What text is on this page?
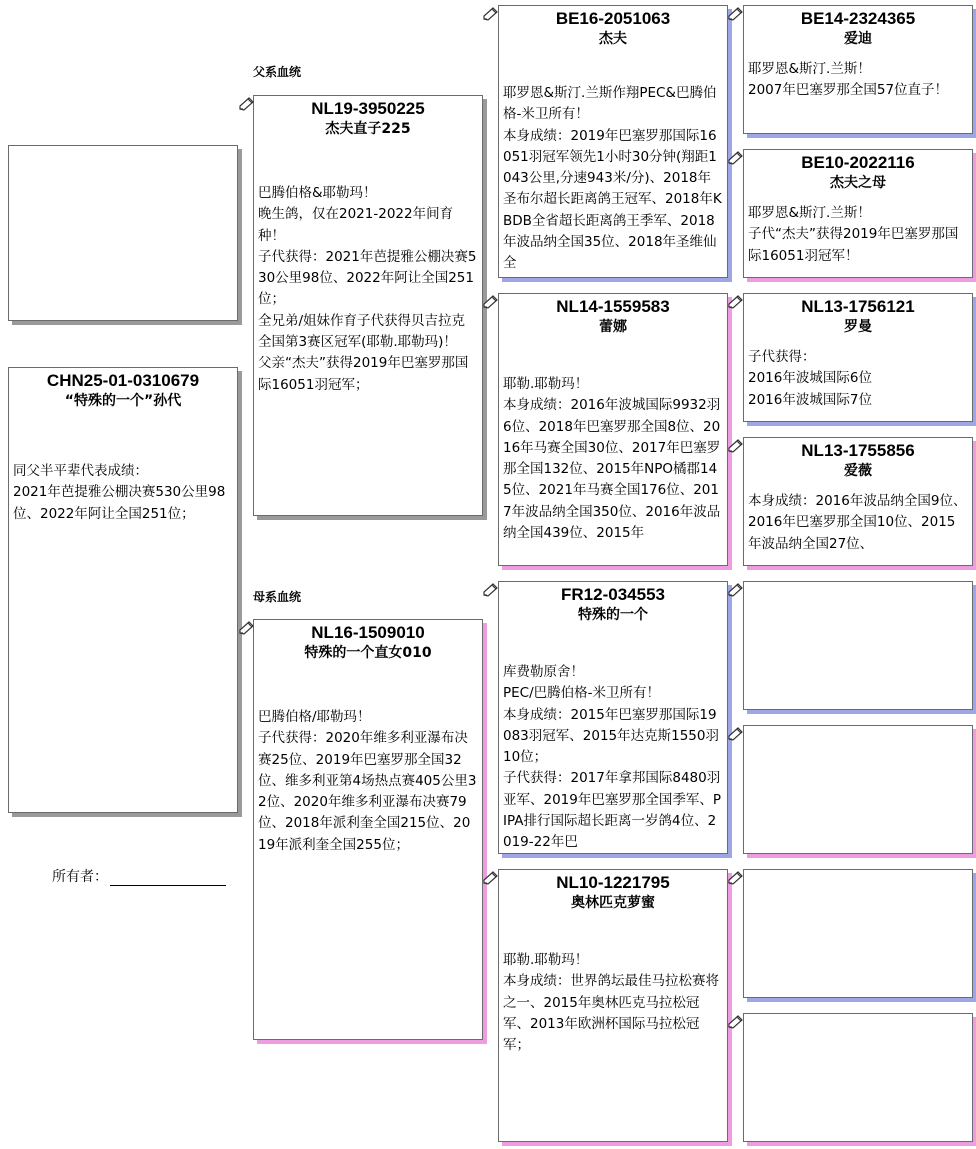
父系血统
母系血统
CHN25-01-0310679
“特殊的一个”孙代
同父半平辈代表成绩：
2021年芭提雅公棚决赛530公里98位、2022年阿让全国251位；
所有者：
NL19-3950225
杰夫直子225
巴腾伯格&耶勒玛！
晚生鸽，仅在2021-2022年间育种！
子代获得：2021年芭提雅公棚决赛530公里98位、2022年阿让全国251位；
全兄弟/姐妹作育子代获得贝吉拉克全国第3赛区冠军(耶勒.耶勒玛)！
父亲“杰夫”获得2019年巴塞罗那国际16051羽冠军；
NL16-1509010
特殊的一个直女010
巴腾伯格/耶勒玛！
子代获得：2020年维多利亚瀑布决赛25位、2019年巴塞罗那全国32位、维多利亚第4场热点赛405公里32位、2020年维多利亚瀑布决赛79位、2018年派利奎全国215位、2019年派利奎全国255位；
BE16-2051063
杰夫
耶罗恩&斯汀.兰斯作翔PEC&巴腾伯格-米卫所有！
本身成绩：2019年巴塞罗那国际16051羽冠军领先1小时30分钟(翔距1043公里,分速943米/分)、2018年圣布尔超长距离鸽王冠军、2018年KBDB全省超长距离鸽王季军、2018年波品纳全国35位、2018年圣维仙全
NL14-1559583
蕾娜
耶勒.耶勒玛！
本身成绩：2016年波城国际9932羽6位、2018年巴塞罗那全国8位、2016年马赛全国30位、2017年巴塞罗那全国132位、2015年NPO橘郡145位、2021年马赛全国176位、2017年波品纳全国350位、2016年波品纳全国439位、2015年
FR12-034553
特殊的一个
库费勒原舍！
PEC/巴腾伯格-米卫所有！
本身成绩：2015年巴塞罗那国际19083羽冠军、2015年达克斯1550羽10位；
子代获得：2017年拿邦国际8480羽亚军、2019年巴塞罗那全国季军、PIPA排行国际超长距离一岁鸽4位、2019-22年巴
NL10-1221795
奥林匹克萝蜜
耶勒.耶勒玛！
本身成绩：世界鸽坛最佳马拉松赛将之一、2015年奥林匹克马拉松冠军、2013年欧洲杯国际马拉松冠军；
BE14-2324365
爱迪
耶罗恩&斯汀.兰斯！
2007年巴塞罗那全国57位直子！
BE10-2022116
杰夫之母
耶罗恩&斯汀.兰斯！
子代“杰夫”获得2019年巴塞罗那国际16051羽冠军！
NL13-1756121
罗曼
子代获得：
2016年波城国际6位
2016年波城国际7位
NL13-1755856
爱薇
本身成绩：2016年波品纳全国9位、2016年巴塞罗那全国10位、2015年波品纳全国27位、
